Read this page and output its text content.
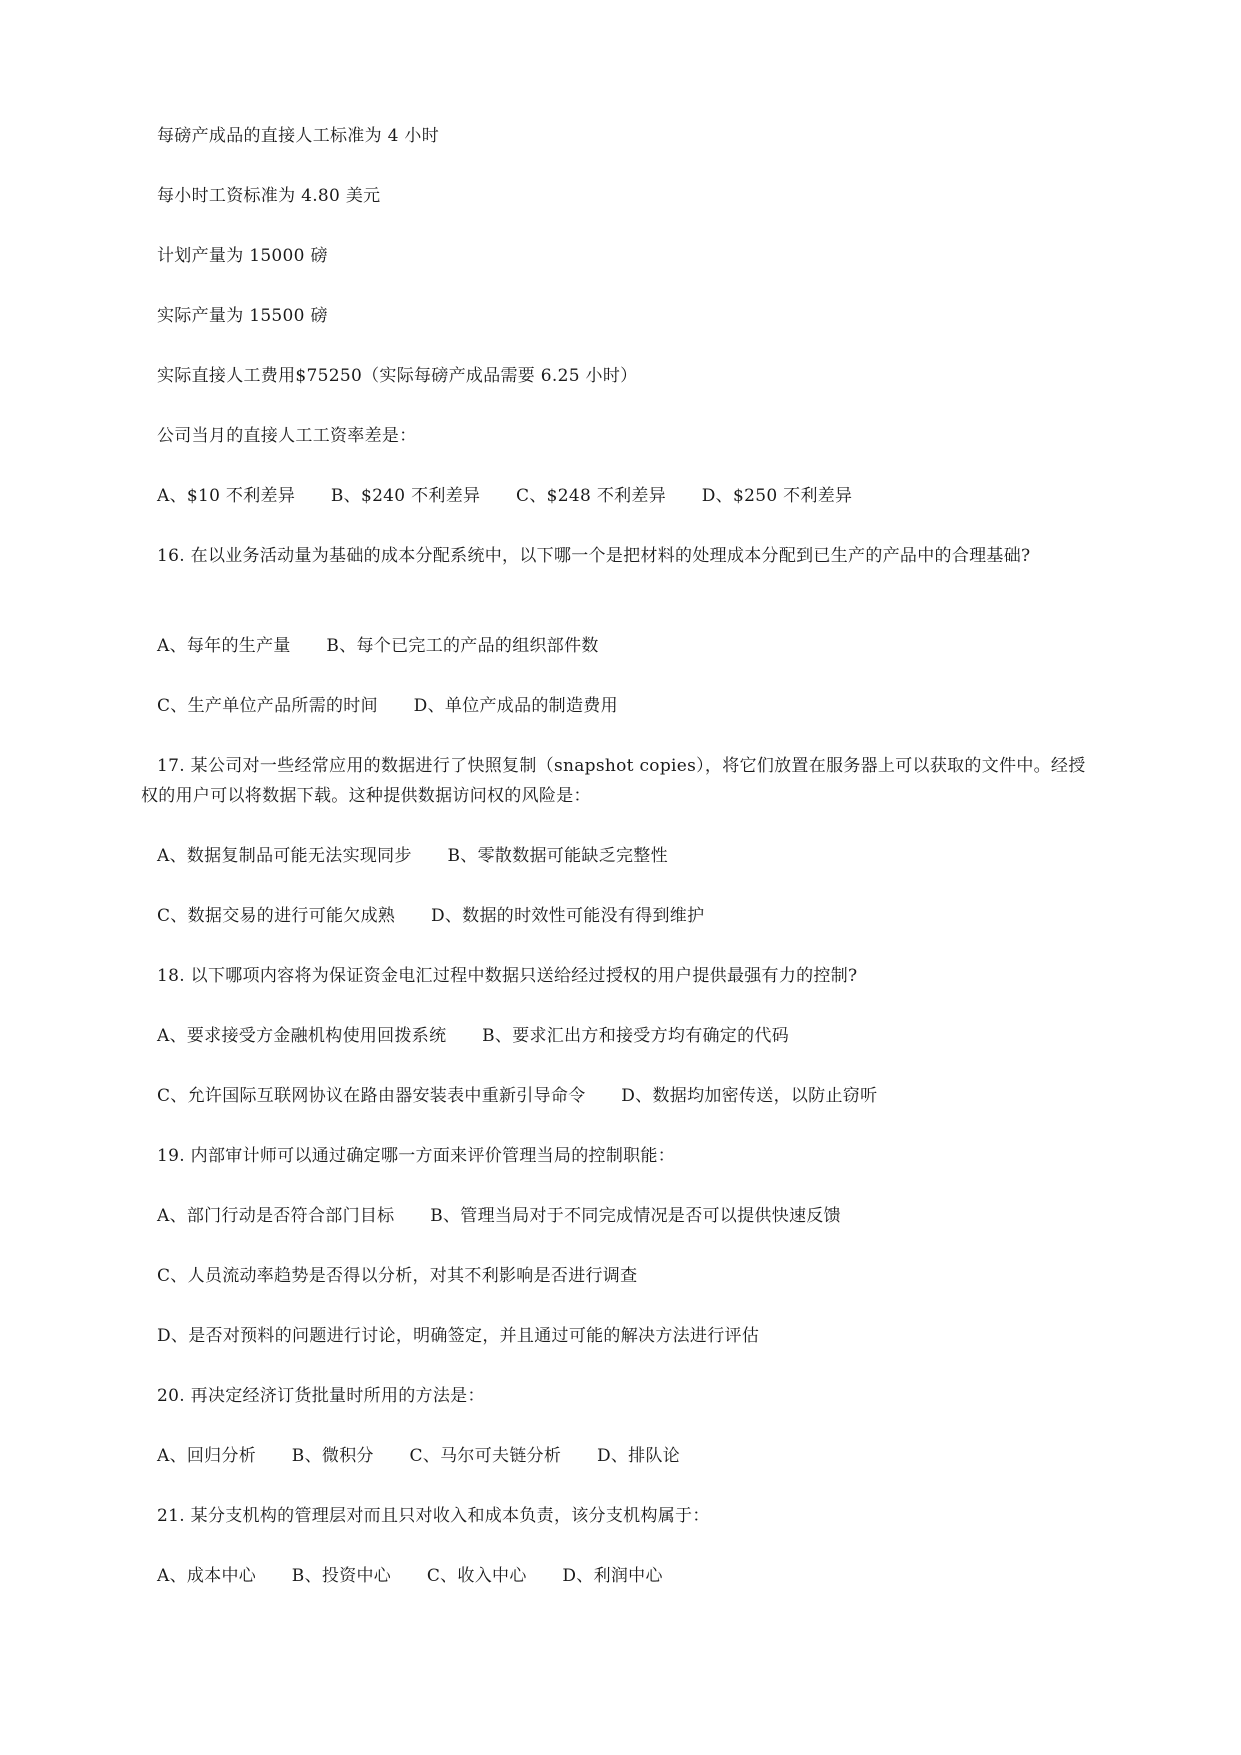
每磅产成品的直接人工标准为 4 小时
每小时工资标准为 4.80 美元
计划产量为 15000 磅
实际产量为 15500 磅
实际直接人工费用$75250（实际每磅产成品需要 6.25 小时）
公司当月的直接人工工资率差是：
A、$10 不利差异 B、$240 不利差异 C、$248 不利差异 D、$250 不利差异
16. 在以业务活动量为基础的成本分配系统中，以下哪一个是把材料的处理成本分配到已生产的产品中的合理基础?
A、每年的生产量 B、每个已完工的产品的组织部件数
C、生产单位产品所需的时间 D、单位产成品的制造费用
17. 某公司对一些经常应用的数据进行了快照复制（snapshot copies），将它们放置在服务器上可以获取的文件中。经授
权的用户可以将数据下载。这种提供数据访问权的风险是：
A、数据复制品可能无法实现同步 B、零散数据可能缺乏完整性
C、数据交易的进行可能欠成熟 D、数据的时效性可能没有得到维护
18. 以下哪项内容将为保证资金电汇过程中数据只送给经过授权的用户提供最强有力的控制?
A、要求接受方金融机构使用回拨系统 B、要求汇出方和接受方均有确定的代码
C、允许国际互联网协议在路由器安装表中重新引导命令 D、数据均加密传送，以防止窃听
19. 内部审计师可以通过确定哪一方面来评价管理当局的控制职能：
A、部门行动是否符合部门目标 B、管理当局对于不同完成情况是否可以提供快速反馈
C、人员流动率趋势是否得以分析，对其不利影响是否进行调查
D、是否对预料的问题进行讨论，明确签定，并且通过可能的解决方法进行评估
20. 再决定经济订货批量时所用的方法是：
A、回归分析 B、微积分 C、马尔可夫链分析 D、排队论
21. 某分支机构的管理层对而且只对收入和成本负责，该分支机构属于：
A、成本中心 B、投资中心 C、收入中心 D、利润中心
